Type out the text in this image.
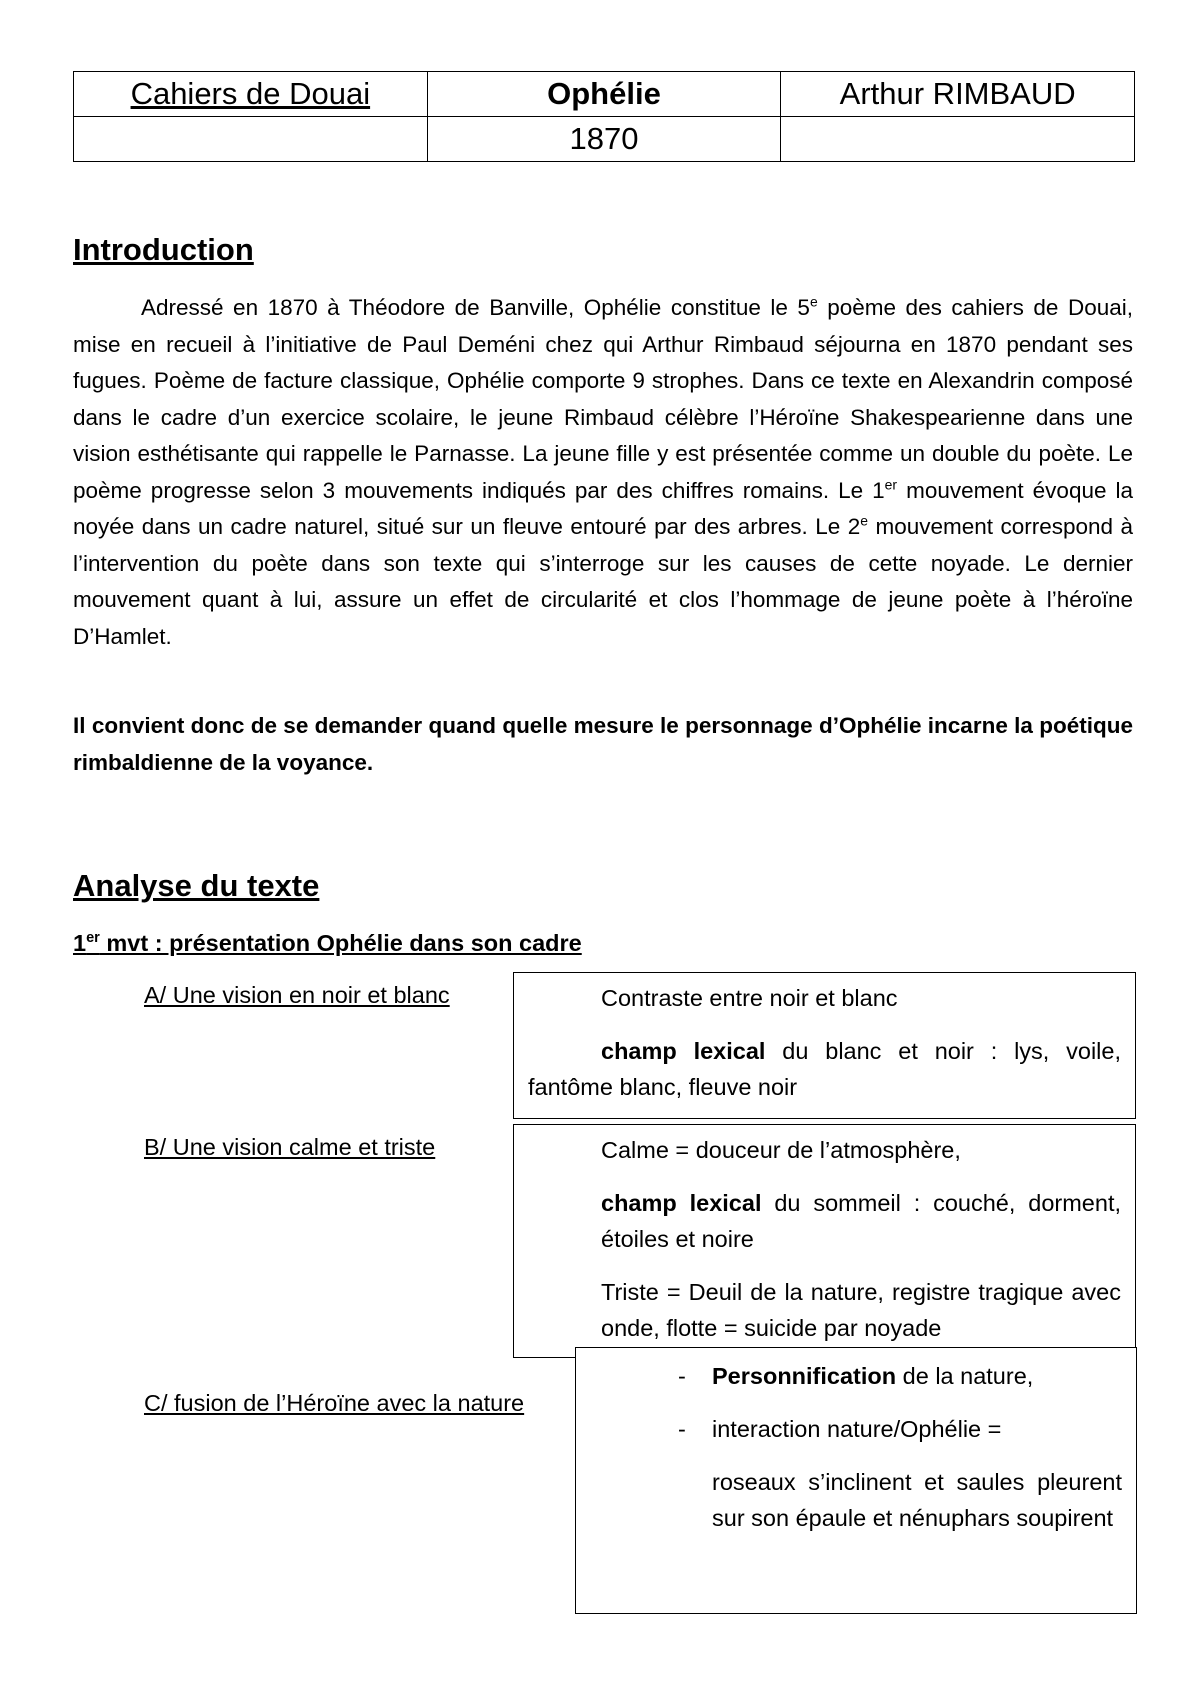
Cahiers de Douai	Ophélie	Arthur RIMBAUD
	1870	
Introduction

Adressé en 1870 à Théodore de Banville, Ophélie constitue le 5e poème des cahiers de Douai, mise en recueil à l’initiative de Paul Deméni chez qui Arthur Rimbaud séjourna en 1870 pendant ses fugues. Poème de facture classique, Ophélie comporte 9 strophes. Dans ce texte en Alexandrin composé dans le cadre d’un exercice scolaire, le jeune Rimbaud célèbre l’Héroïne Shakespearienne dans une vision esthétisante qui rappelle le Parnasse. La jeune fille y est présentée comme un double du poète. Le poème progresse selon 3 mouvements indiqués par des chiffres romains. Le 1er mouvement évoque la noyée dans un cadre naturel, situé sur un fleuve entouré par des arbres. Le 2e mouvement correspond à l’intervention du poète dans son texte qui s’interroge sur les causes de cette noyade. Le dernier mouvement quant à lui, assure un effet de circularité et clos l’hommage de jeune poète à l’héroïne D’Hamlet.

Il convient donc de se demander quand quelle mesure le personnage d’Ophélie incarne la poétique rimbaldienne de la voyance.

Analyse du texte
1er mvt : présentation Ophélie dans son cadre
A/ Une vision en noir et blanc	Contraste entre noir et blanc

champ lexical du blanc et noir : lys, voile, fantôme blanc, fleuve noir

B/ Une vision calme et triste	Calme = douceur de l’atmosphère,

champ lexical du sommeil : couché, dorment, étoiles et noire

Triste = Deuil de la nature, registre tragique avec onde, flotte = suicide par noyade

C/ fusion de l’Héroïne avec la nature

- Personnification de la nature,

- interaction nature/Ophélie =

roseaux s’inclinent et saules pleurent sur son épaule et nénuphars soupirent
